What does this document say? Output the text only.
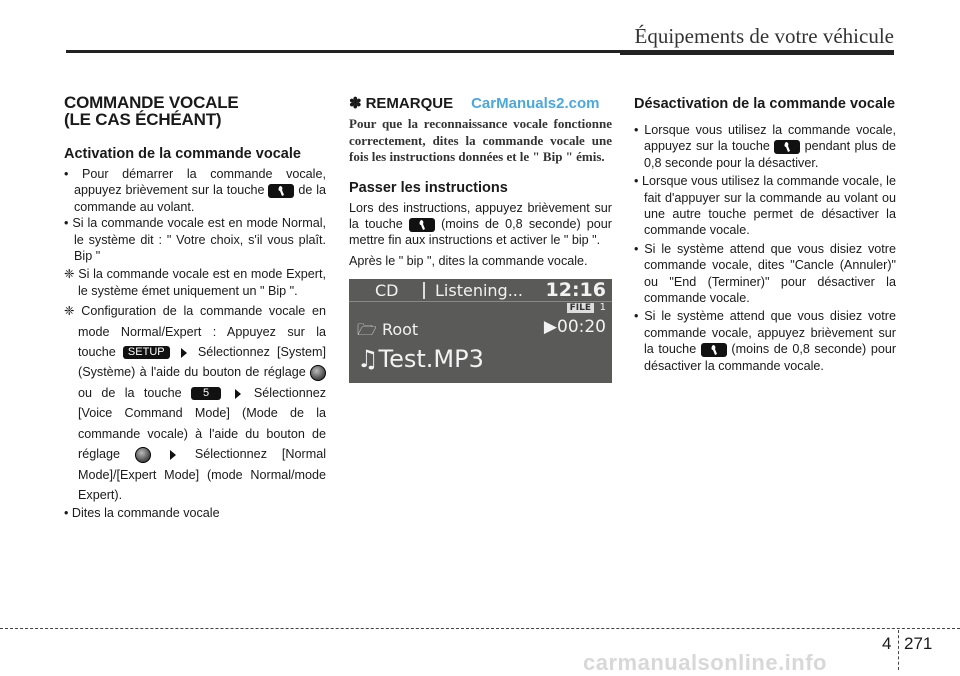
Équipements de votre véhicule
COMMANDE VOCALE
(LE CAS ÉCHÉANT)
Activation de la commande vocale
• Pour démarrer la commande vocale, appuyez brièvement sur la touche	de la commande au volant.
• Si la commande vocale est en mode Normal, le système dit : " Votre choix, s'il vous plaît. Bip "
❈ Si la commande vocale est en mode Expert, le système émet uniquement un " Bip ".
❈ Configuration de la commande vocale en mode Normal/Expert : Appuyez sur la touche SETUP	Sélectionnez [System] (Système) à l'aide du bouton de réglage  ou de la touche 5	Sélectionnez [Voice Command Mode] (Mode de la commande vocale) à l'aide du bouton de réglage	Sélectionnez [Normal Mode]/[Expert Mode] (mode Normal/mode Expert).
• Dites la commande vocale
✽ REMARQUE CarManuals2.com
Pour que la reconnaissance vocale fonctionne correctement, dites la commande vocale une fois les instructions données et le " Bip " émis.
Passer les instructions

Lors des instructions, appuyez brièvement sur la touche	(moins de 0,8 seconde) pour mettre fin aux instructions et activer le " bip ".

Après le " bip ", dites la commande vocale.

CD Listening... 12:16
FILE 1
🗁 Root	▶00:20
♫Test.MP3
Désactivation de la commande vocale
• Lorsque vous utilisez la commande vocale, appuyez sur la touche	pendant plus de 0,8 seconde pour la désactiver.
• Lorsque vous utilisez la commande vocale, le fait d'appuyer sur la commande au volant ou une autre touche permet de désactiver la commande vocale.
• Si le système attend que vous disiez votre commande vocale, dites "Cancle (Annuler)" ou "End (Terminer)" pour désactiver la commande vocale.
• Si le système attend que vous disiez votre commande vocale, appuyez brièvement sur la touche	(moins de 0,8 seconde) pour désactiver la commande vocale.
4 271
carmanualsonline.info
